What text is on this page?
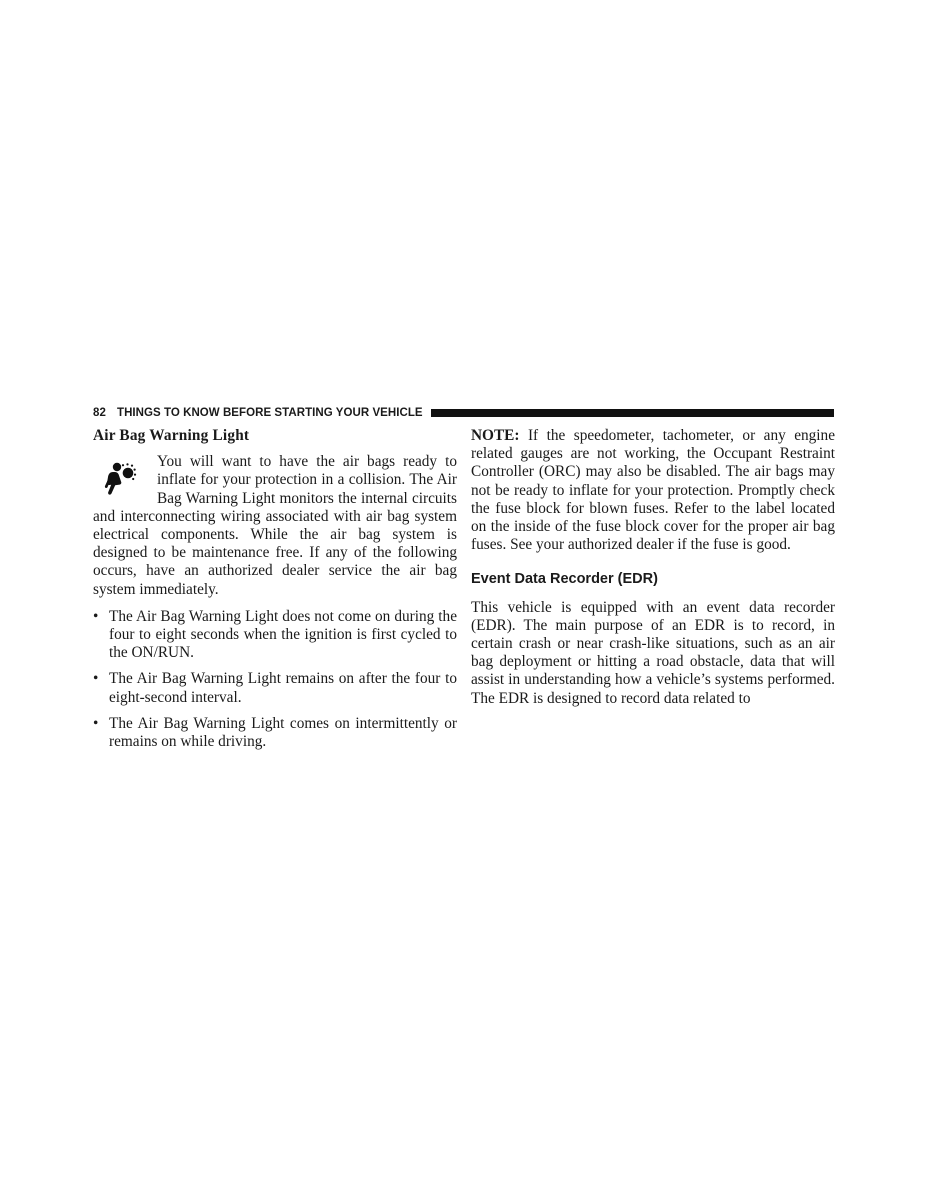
82 THINGS TO KNOW BEFORE STARTING YOUR VEHICLE
Air Bag Warning Light

You will want to have the air bags ready to inflate for your protection in a collision. The Air Bag Warning Light monitors the internal circuits and interconnecting wiring associated with air bag system electrical components. While the air bag system is designed to be maintenance free. If any of the following occurs, have an authorized dealer service the air bag system immediately.

• The Air Bag Warning Light does not come on during the four to eight seconds when the ignition is first cycled to the ON/RUN.
• The Air Bag Warning Light remains on after the four to eight-second interval.
• The Air Bag Warning Light comes on intermittently or remains on while driving.

NOTE: If the speedometer, tachometer, or any engine related gauges are not working, the Occupant Restraint Controller (ORC) may also be disabled. The air bags may not be ready to inflate for your protection. Promptly check the fuse block for blown fuses. Refer to the label located on the inside of the fuse block cover for the proper air bag fuses. See your authorized dealer if the fuse is good.

Event Data Recorder (EDR)

This vehicle is equipped with an event data recorder (EDR). The main purpose of an EDR is to record, in certain crash or near crash-like situations, such as an air bag deployment or hitting a road obstacle, data that will assist in understanding how a vehicle’s systems performed. The EDR is designed to record data related to
